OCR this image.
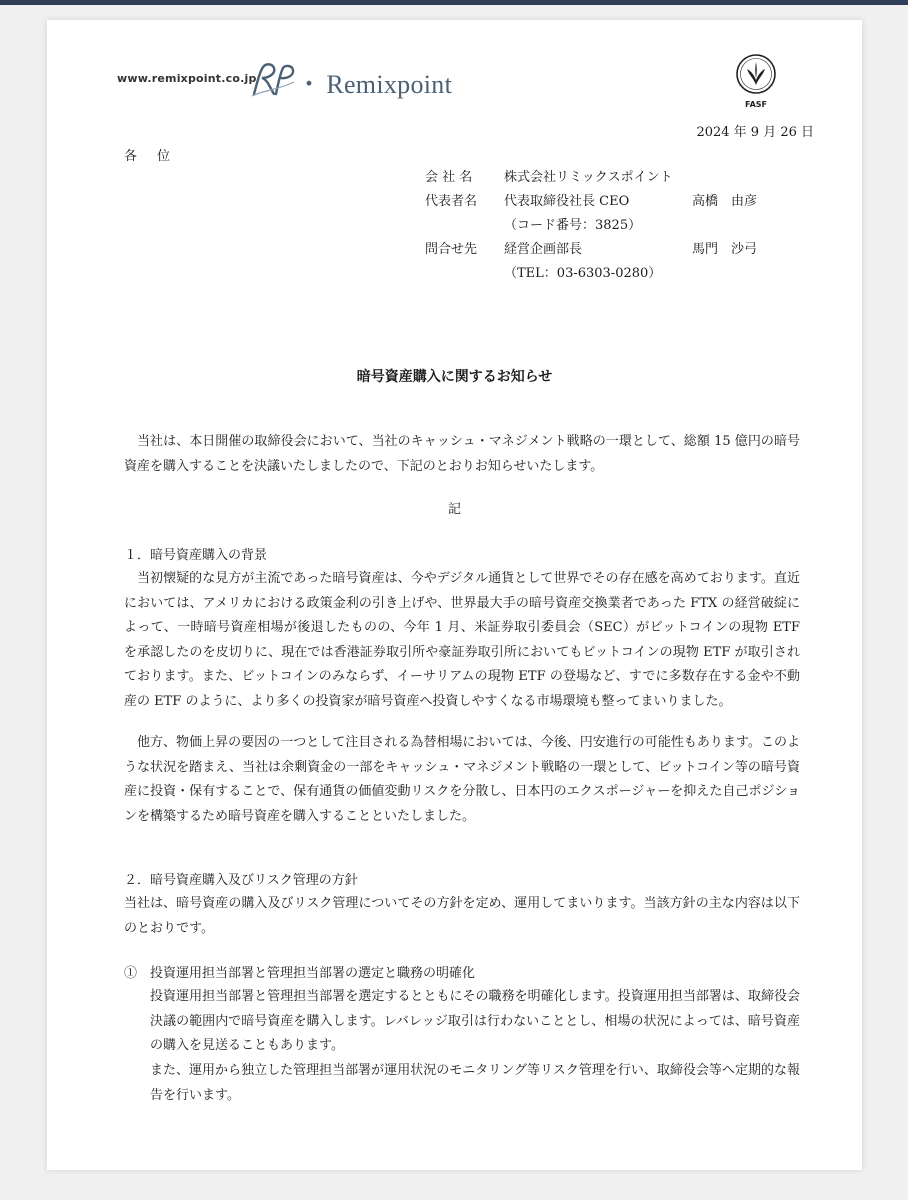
www.remixpoint.co.jp ・ Remixpoint
FASF
2024 年 9 月 26 日
各位
会 社 名 株式会社リミックスポイント
代表者名 代表取締役社長 CEO	高橋　由彦
（コード番号：3825）
問合せ先 経営企画部長	馬門　沙弓
（TEL：03-6303-0280）
暗号資産購入に関するお知らせ
当社は、本日開催の取締役会において、当社のキャッシュ・マネジメント戦略の一環として、総額 15 億円の暗号資産を購入することを決議いたしましたので、下記のとおりお知らせいたします。
記
１．暗号資産購入の背景
当初懐疑的な見方が主流であった暗号資産は、今やデジタル通貨として世界でその存在感を高めております。直近においては、アメリカにおける政策金利の引き上げや、世界最大手の暗号資産交換業者であった FTX の経営破綻によって、一時暗号資産相場が後退したものの、今年 1 月、米証券取引委員会（SEC）がビットコインの現物 ETF を承認したのを皮切りに、現在では香港証券取引所や豪証券取引所においてもビットコインの現物 ETF が取引されております。また、ビットコインのみならず、イーサリアムの現物 ETF の登場など、すでに多数存在する金や不動産の ETF のように、より多くの投資家が暗号資産へ投資しやすくなる市場環境も整ってまいりました。
他方、物価上昇の要因の一つとして注目される為替相場においては、今後、円安進行の可能性もあります。このような状況を踏まえ、当社は余剰資金の一部をキャッシュ・マネジメント戦略の一環として、ビットコイン等の暗号資産に投資・保有することで、保有通貨の価値変動リスクを分散し、日本円のエクスポージャーを抑えた自己ポジションを構築するため暗号資産を購入することといたしました。
２．暗号資産購入及びリスク管理の方針
当社は、暗号資産の購入及びリスク管理についてその方針を定め、運用してまいります。当該方針の主な内容は以下のとおりです。
①　投資運用担当部署と管理担当部署の選定と職務の明確化
投資運用担当部署と管理担当部署を選定するとともにその職務を明確化します。投資運用担当部署は、取締役会決議の範囲内で暗号資産を購入します。レバレッジ取引は行わないこととし、相場の状況によっては、暗号資産の購入を見送ることもあります。
また、運用から独立した管理担当部署が運用状況のモニタリング等リスク管理を行い、取締役会等へ定期的な報告を行います。
